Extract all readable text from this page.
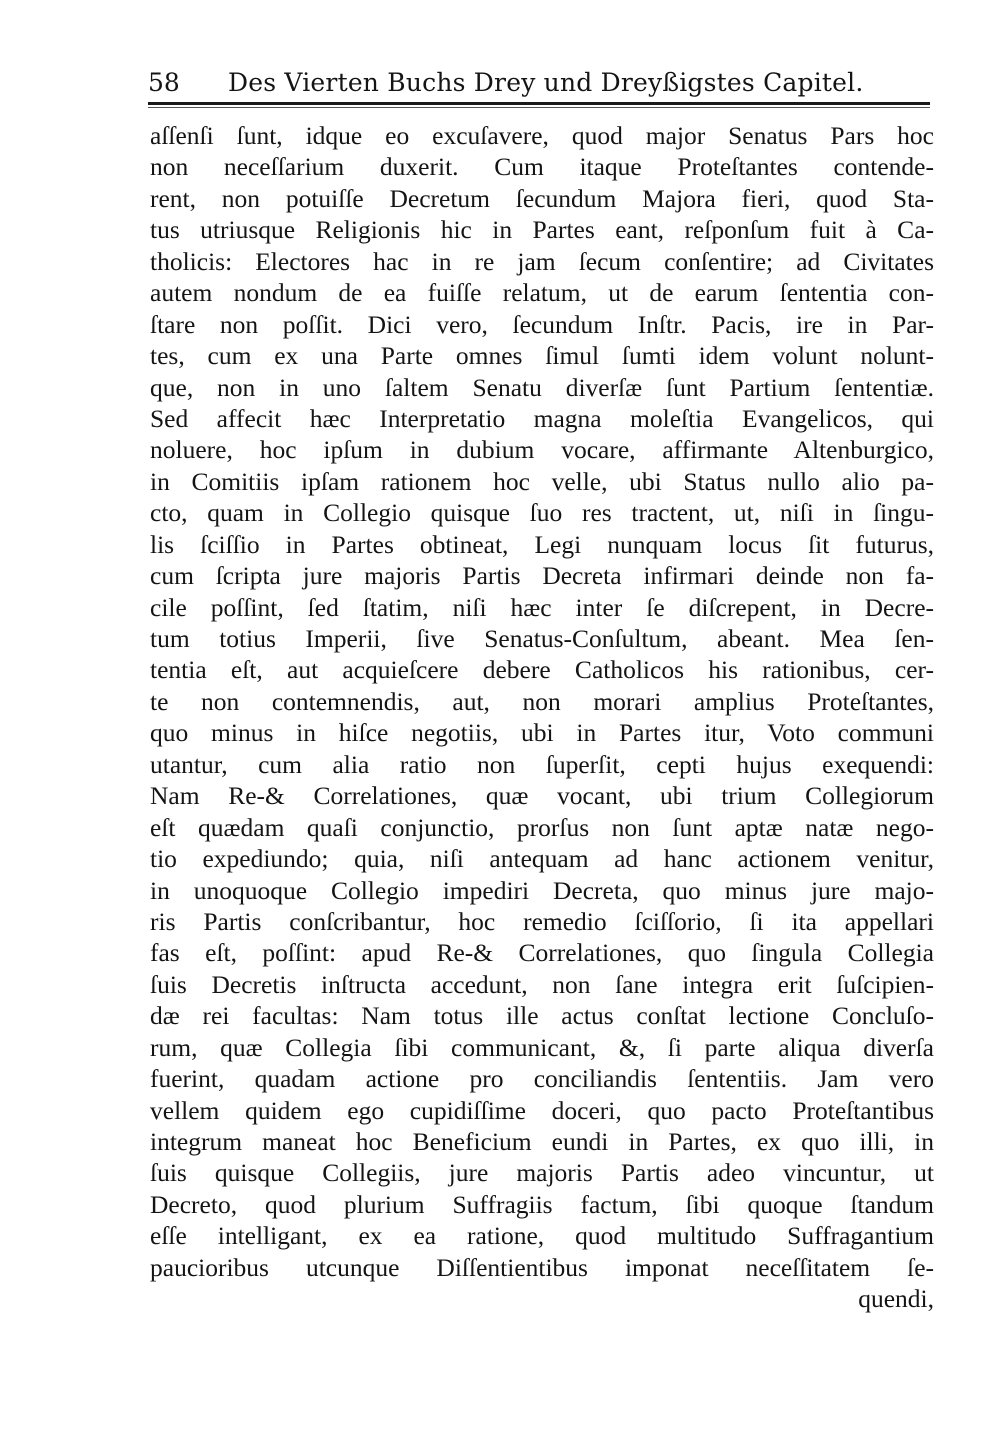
58 Des Vierten Buchs Drey und Dreyßigstes Capitel.
aſſenſi ſunt, idque eo excuſavere, quod major Senatus Pars hoc
non neceſſarium duxerit. Cum itaque Proteſtantes contende-
rent, non potuiſſe Decretum ſecundum Majora fieri, quod Sta-
tus utriusque Religionis hic in Partes eant, reſponſum fuit à Ca-
tholicis: Electores hac in re jam ſecum conſentire; ad Civitates
autem nondum de ea fuiſſe relatum, ut de earum ſententia con-
ſtare non poſſit. Dici vero, ſecundum Inſtr. Pacis, ire in Par-
tes, cum ex una Parte omnes ſimul ſumti idem volunt nolunt-
que, non in uno ſaltem Senatu diverſæ ſunt Partium ſententiæ.
Sed affecit hæc Interpretatio magna moleſtia Evangelicos, qui
noluere, hoc ipſum in dubium vocare, affirmante Altenburgico,
in Comitiis ipſam rationem hoc velle, ubi Status nullo alio pa-
cto, quam in Collegio quisque ſuo res tractent, ut, niſi in ſingu-
lis ſciſſio in Partes obtineat, Legi nunquam locus ſit futurus,
cum ſcripta jure majoris Partis Decreta infirmari deinde non fa-
cile poſſint, ſed ſtatim, niſi hæc inter ſe diſcrepent, in Decre-
tum totius Imperii, ſive Senatus-Conſultum, abeant. Mea ſen-
tentia eſt, aut acquieſcere debere Catholicos his rationibus, cer-
te non contemnendis, aut, non morari amplius Proteſtantes,
quo minus in hiſce negotiis, ubi in Partes itur, Voto communi
utantur, cum alia ratio non ſuperſit, cepti hujus exequendi:
Nam Re-& Correlationes, quæ vocant, ubi trium Collegiorum
eſt quædam quaſi conjunctio, prorſus non ſunt aptæ natæ nego-
tio expediundo; quia, niſi antequam ad hanc actionem venitur,
in unoquoque Collegio impediri Decreta, quo minus jure majo-
ris Partis conſcribantur, hoc remedio ſciſſorio, ſi ita appellari
fas eſt, poſſint: apud Re-& Correlationes, quo ſingula Collegia
ſuis Decretis inſtructa accedunt, non ſane integra erit ſuſcipien-
dæ rei facultas: Nam totus ille actus conſtat lectione Concluſo-
rum, quæ Collegia ſibi communicant, &, ſi parte aliqua diverſa
fuerint, quadam actione pro conciliandis ſententiis. Jam vero
vellem quidem ego cupidiſſime doceri, quo pacto Proteſtantibus
integrum maneat hoc Beneficium eundi in Partes, ex quo illi, in
ſuis quisque Collegiis, jure majoris Partis adeo vincuntur, ut
Decreto, quod plurium Suffragiis factum, ſibi quoque ſtandum
eſſe intelligant, ex ea ratione, quod multitudo Suffragantium
paucioribus utcunque Diſſentientibus imponat neceſſitatem ſe-
quendi,
